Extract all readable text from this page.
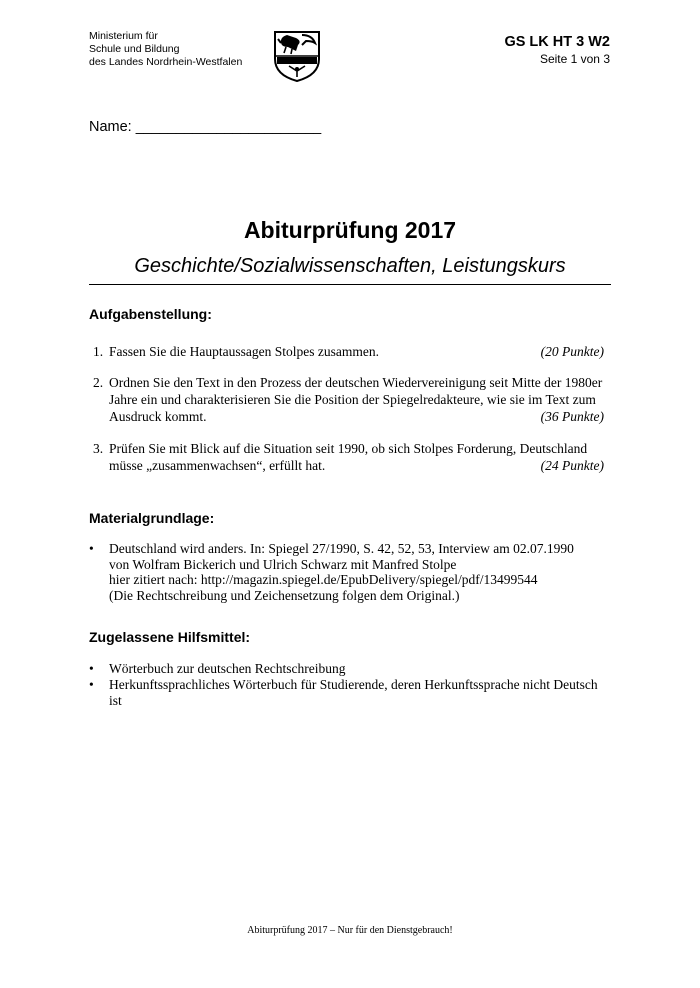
Ministerium für
Schule und Bildung
des Landes Nordrhein-Westfalen
GS LK HT 3 W2
Seite 1 von 3
Name: _______________________
Abiturprüfung 2017
Geschichte/Sozialwissenschaften, Leistungskurs
Aufgabenstellung:
1. Fassen Sie die Hauptaussagen Stolpes zusammen.	(20 Punkte)
2. Ordnen Sie den Text in den Prozess der deutschen Wiedervereinigung seit Mitte der 1980er Jahre ein und charakterisieren Sie die Position der Spiegelredakteure, wie sie im Text zum Ausdruck kommt.	(36 Punkte)
3. Prüfen Sie mit Blick auf die Situation seit 1990, ob sich Stolpes Forderung, Deutschland müsse „zusammenwachsen“, erfüllt hat.	(24 Punkte)
Materialgrundlage:
• Deutschland wird anders. In: Spiegel 27/1990, S. 42, 52, 53, Interview am 02.07.1990
von Wolfram Bickerich und Ulrich Schwarz mit Manfred Stolpe
hier zitiert nach: http://magazin.spiegel.de/EpubDelivery/spiegel/pdf/13499544
(Die Rechtschreibung und Zeichensetzung folgen dem Original.)
Zugelassene Hilfsmittel:
• Wörterbuch zur deutschen Rechtschreibung
• Herkunftssprachliches Wörterbuch für Studierende, deren Herkunftssprache nicht Deutsch ist
Abiturprüfung 2017 – Nur für den Dienstgebrauch!
